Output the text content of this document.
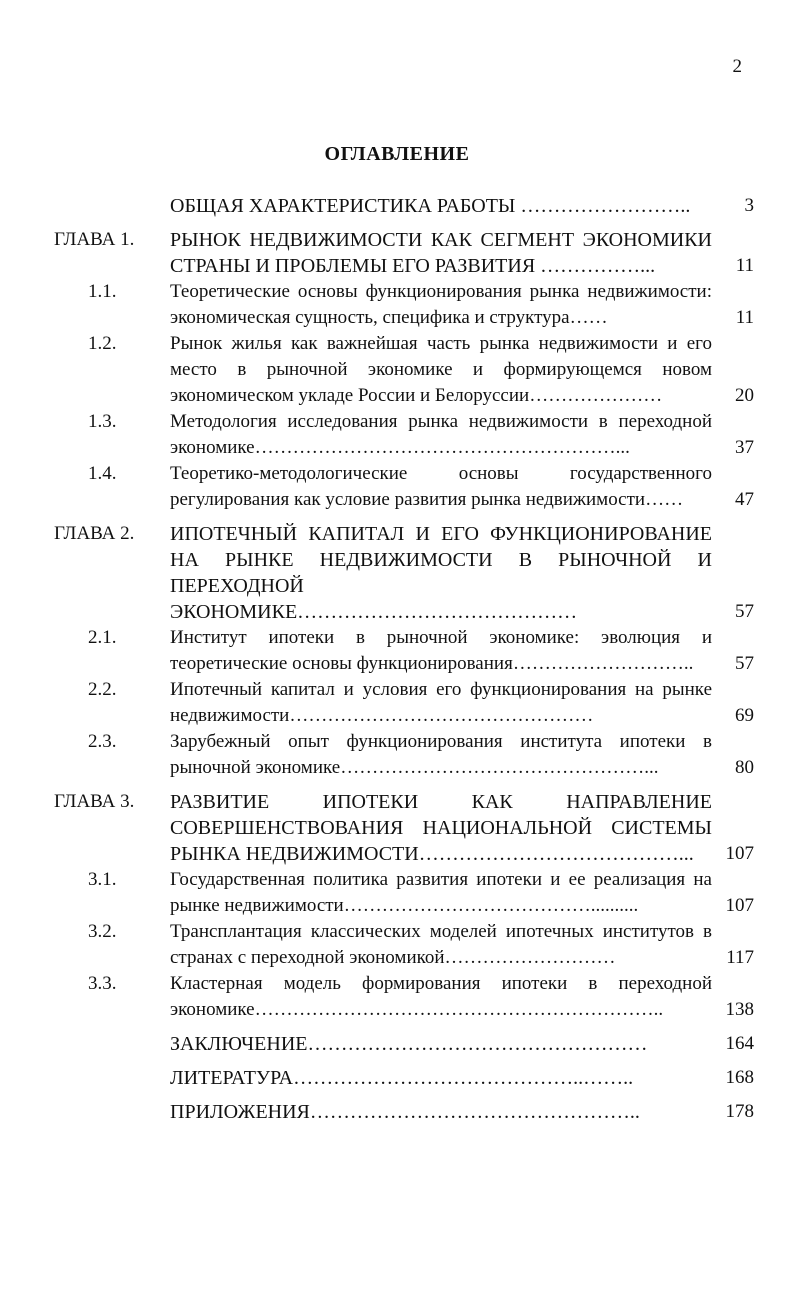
2
ОГЛАВЛЕНИЕ
ОБЩАЯ ХАРАКТЕРИСТИКА РАБОТЫ ……………………..	3
ГЛАВА 1.	РЫНОК НЕДВИЖИМОСТИ КАК СЕГМЕНТ ЭКОНОМИКИ СТРАНЫ И ПРОБЛЕМЫ ЕГО РАЗВИТИЯ ……………...	11
1.1.	Теоретические основы функционирования рынка недвижимости: экономическая сущность, специфика и структура……	11
1.2.	Рынок жилья как важнейшая часть рынка недвижимости и его место в рыночной экономике и формирующемся новом экономическом укладе России и Белоруссии…………………	20
1.3.	Методология исследования рынка недвижимости в переходной экономике…………………………………………………...	37
1.4.	Теоретико-методологические основы государственного регулирования как условие развития рынка недвижимости……	47
ГЛАВА 2.	ИПОТЕЧНЫЙ КАПИТАЛ И ЕГО ФУНКЦИОНИРОВАНИЕ НА РЫНКЕ НЕДВИЖИМОСТИ В РЫНОЧНОЙ И ПЕРЕХОДНОЙ ЭКОНОМИКЕ……………………………………	57
2.1.	Институт ипотеки в рыночной экономике: эволюция и теоретические основы функционирования………………………..	57
2.2.	Ипотечный капитал и условия его функционирования на рынке недвижимости…………………………………………	69
2.3.	Зарубежный опыт функционирования института ипотеки в рыночной экономике…………………………………………...	80
ГЛАВА 3.	РАЗВИТИЕ ИПОТЕКИ КАК НАПРАВЛЕНИЕ СОВЕРШЕНСТВОВАНИЯ НАЦИОНАЛЬНОЙ СИСТЕМЫ РЫНКА НЕДВИЖИМОСТИ…………………………………...	107
3.1.	Государственная политика развития ипотеки и ее реализация на рынке недвижимости…………………………………..........	107
3.2.	Трансплантация классических моделей ипотечных институтов в странах с переходной экономикой………………………	117
3.3.	Кластерная модель формирования ипотеки в переходной экономике………………………………………………………..	138
ЗАКЛЮЧЕНИЕ……………………………………………	164
ЛИТЕРАТУРА……………………………………..……..	168
ПРИЛОЖЕНИЯ…………………………………………..	178
